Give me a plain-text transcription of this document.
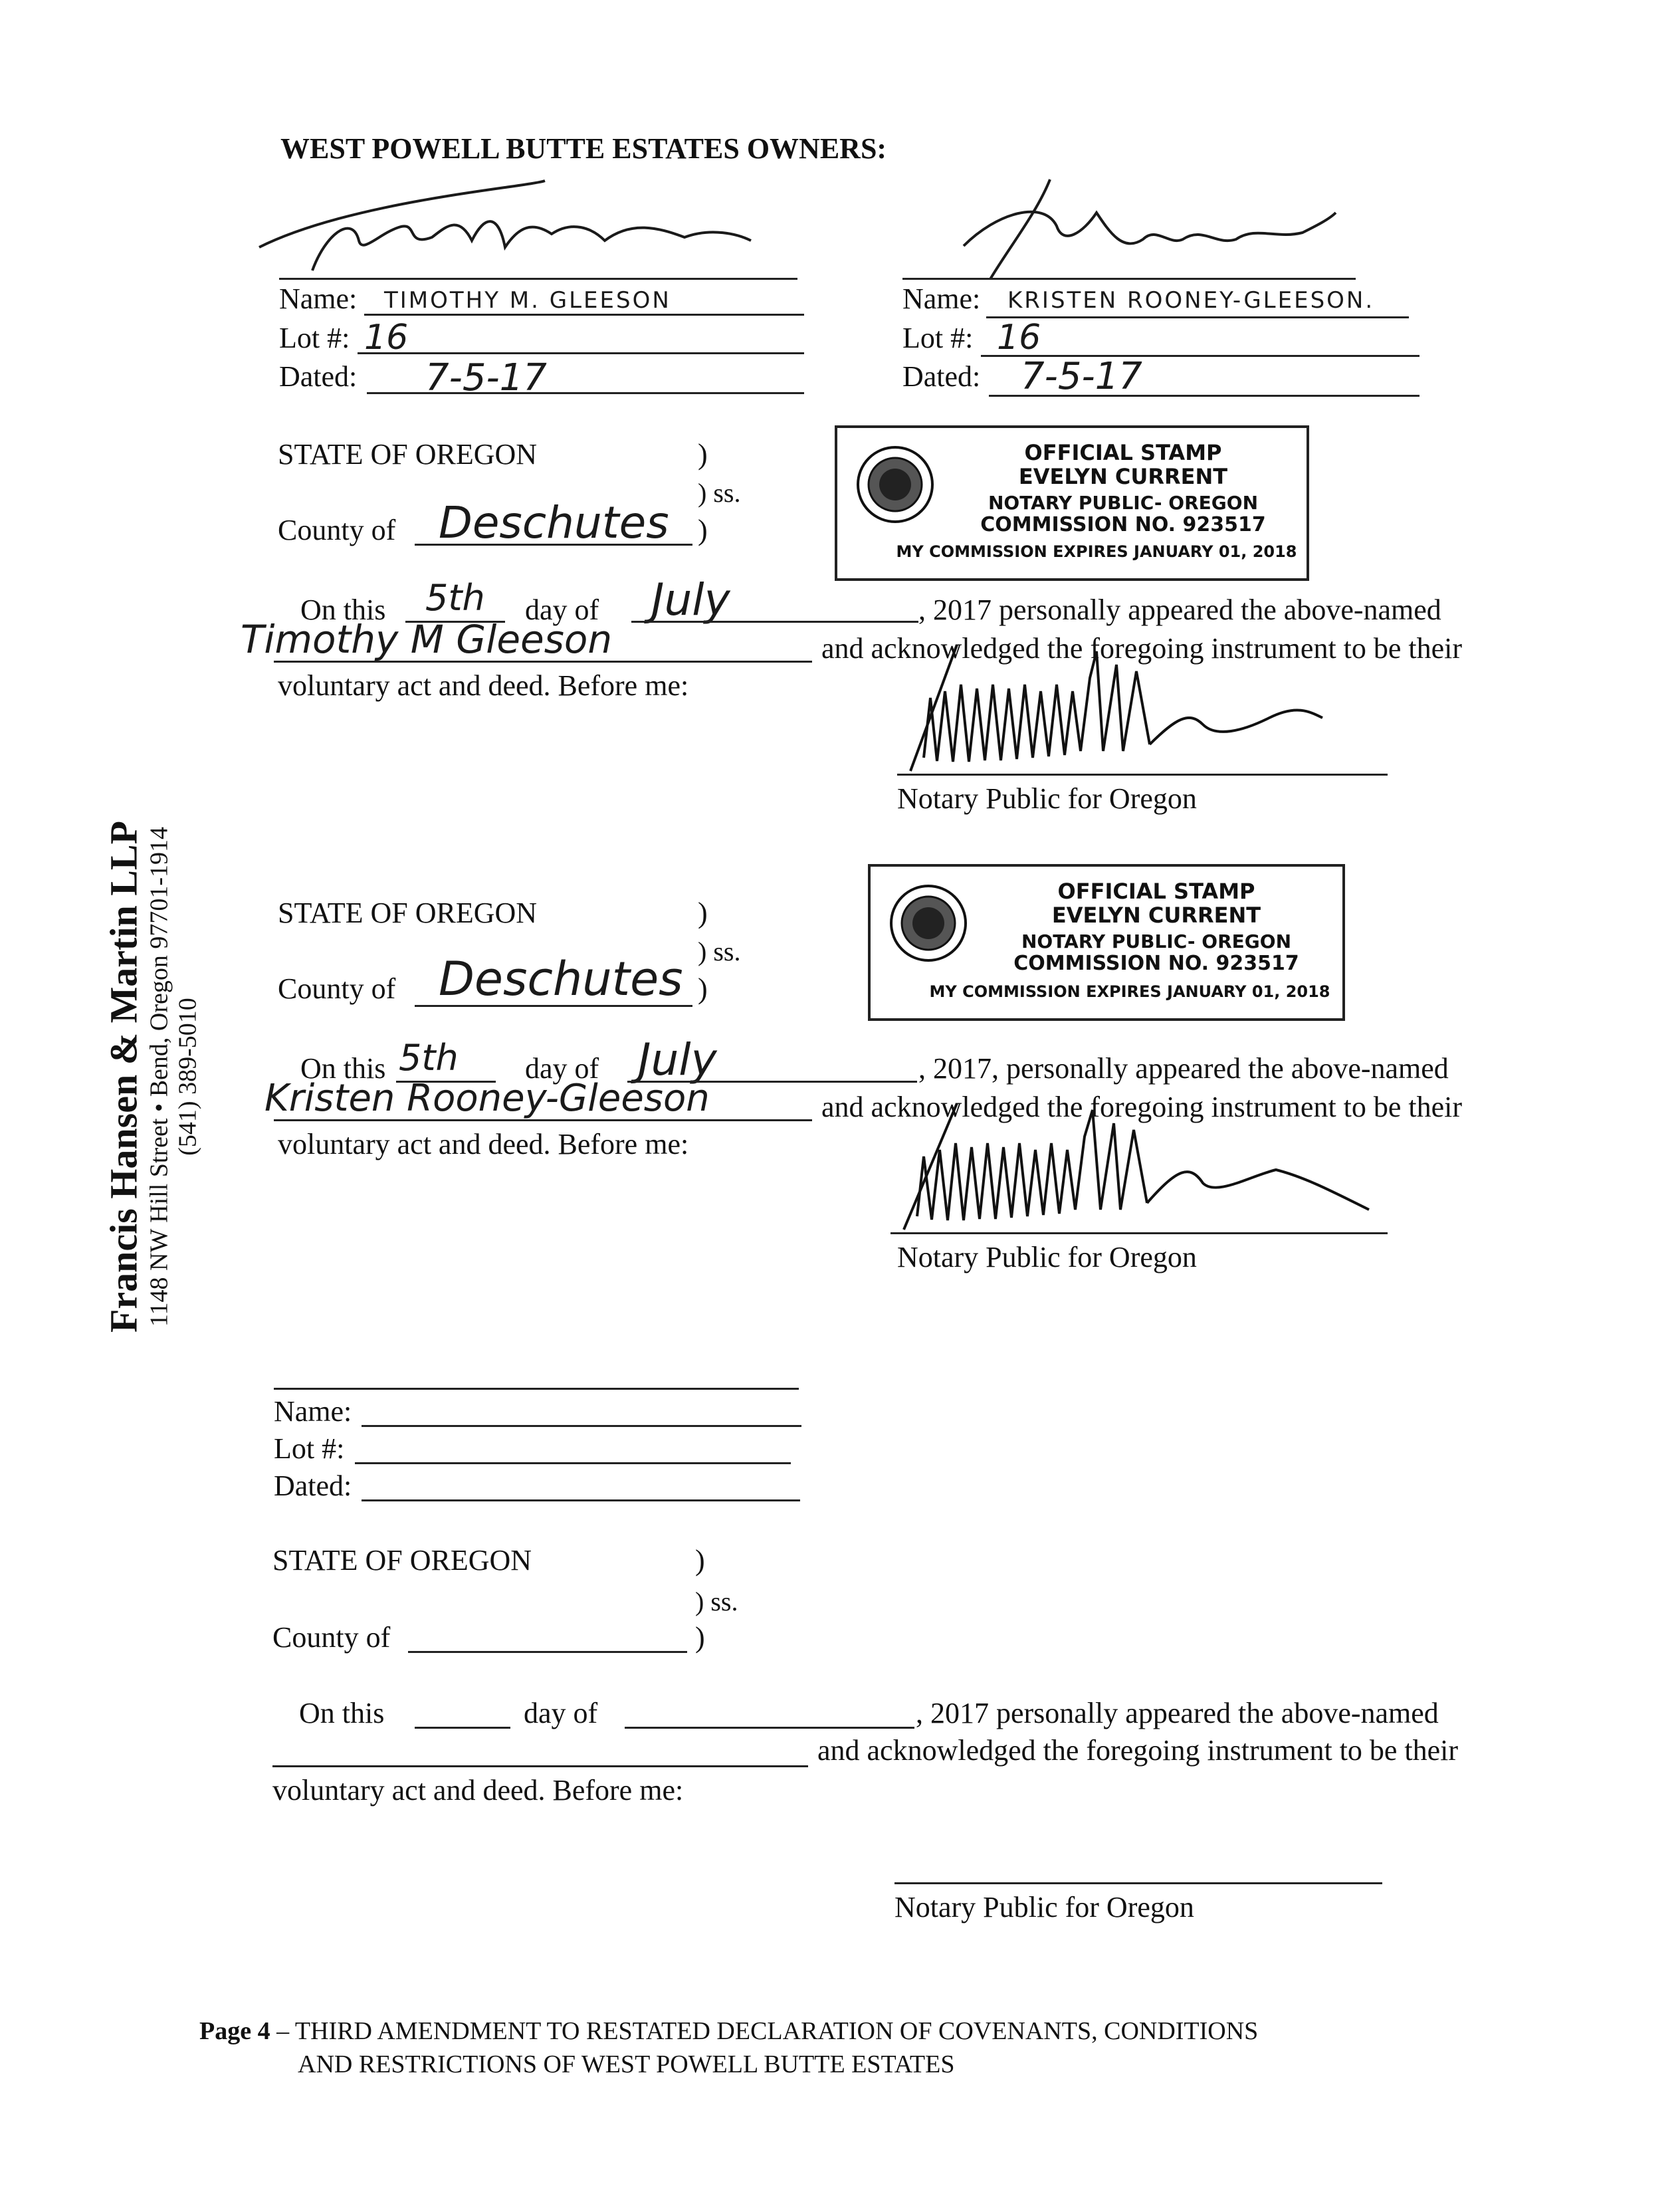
Francis Hansen & Martin LLP 1148 NW Hill Street • Bend, Oregon 97701-1914 (541) 389-5010
WEST POWELL BUTTE ESTATES OWNERS:
Name: TIMOTHY M. GLEESON
Lot #: 16
Dated: 7-5-17
Name: KRISTEN ROONEY-GLEESON.
Lot #: 16
Dated: 7-5-17
STATE OF OREGON	)
) ss.
County of Deschutes )
OFFICIAL STAMP
EVELYN CURRENT
NOTARY PUBLIC- OREGON
COMMISSION NO. 923517
MY COMMISSION EXPIRES JANUARY 01, 2018
On this 5th day of July	, 2017 personally appeared the above-named
Timothy M Gleeson	and acknowledged the foregoing instrument to be their
voluntary act and deed. Before me:
Notary Public for Oregon
STATE OF OREGON	)
) ss.
County of Deschutes )
OFFICIAL STAMP
EVELYN CURRENT
NOTARY PUBLIC- OREGON
COMMISSION NO. 923517
MY COMMISSION EXPIRES JANUARY 01, 2018
On this 5th day of July	, 2017, personally appeared the above-named
Kristen Rooney-Gleeson	and acknowledged the foregoing instrument to be their
voluntary act and deed. Before me:
Notary Public for Oregon
Name:
Lot #:
Dated:
STATE OF OREGON	)
) ss.
County of	)
On this	day of	, 2017 personally appeared the above-named
and acknowledged the foregoing instrument to be their
voluntary act and deed. Before me:
Notary Public for Oregon
Page 4 – THIRD AMENDMENT TO RESTATED DECLARATION OF COVENANTS, CONDITIONS
AND RESTRICTIONS OF WEST POWELL BUTTE ESTATES
